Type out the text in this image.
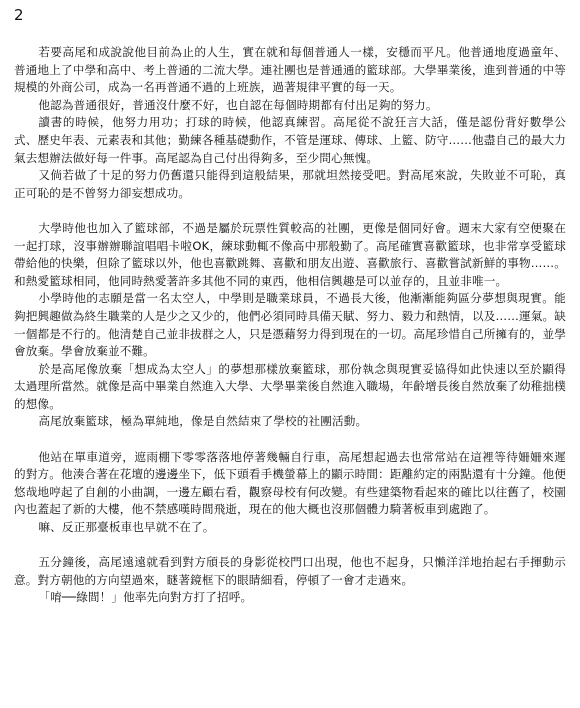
2

若要高尾和成說說他目前為止的人生，實在就和每個普通人一樣，安穩而平凡。他普通地度過童年、普通地上了中學和高中、考上普通的二流大學。連社團也是普通通的籃球部。大學畢業後，進到普通的中等規模的外商公司，成為一名再普通不過的上班族，過著規律平實的每一天。

他認為普通很好，普通沒什麼不好，也自認在每個時期都有付出足夠的努力。

讀書的時候，他努力用功；打球的時候，他認真練習。高尾從不說狂言大話，僅是認份背好數學公式、歷史年表、元素表和其他；勤練各種基礎動作，不管是運球、傳球、上籃、防守……他盡自己的最大力氣去想辦法做好每一件事。高尾認為自己付出得夠多，至少問心無愧。

又倘若做了十足的努力仍舊還只能得到這般結果，那就坦然接受吧。對高尾來說，失敗並不可恥，真正可恥的是不曾努力卻妄想成功。

大學時他也加入了籃球部，不過是屬於玩票性質較高的社團，更像是個同好會。週末大家有空便聚在一起打球，沒事辦辦聯誼唱唱卡啦OK，練球動輒不像高中那般勤了。高尾確實喜歡籃球，也非常享受籃球帶給他的快樂，但除了籃球以外，他也喜歡跳舞、喜歡和朋友出遊、喜歡旅行、喜歡嘗試新鮮的事物……。和熱愛籃球相同，他同時熱愛著許多其他不同的東西，他相信興趣是可以並存的，且並非唯一。

小學時他的志願是當一名太空人，中學則是職業球員，不過長大後，他漸漸能夠區分夢想與現實。能夠把興趣做為終生職業的人是少之又少的，他們必須同時具備天賦、努力、毅力和熱情，以及……運氣。缺一個都是不行的。他清楚自己並非拔群之人，只是憑藉努力得到現在的一切。高尾珍惜自己所擁有的，並學會放棄。學會放棄並不難。

於是高尾像放棄「想成為太空人」的夢想那樣放棄籃球，那份執念與現實妥協得如此快速以至於顯得太過理所當然。就像是高中畢業自然進入大學、大學畢業後自然進入職場，年齡增長後自然放棄了幼稚拙樸的想像。

高尾放棄籃球，極為單純地，像是自然結束了學校的社團活動。

他站在單車道旁，遮雨棚下零零落落地停著幾輛自行車，高尾想起過去也常常站在這裡等待姍姍來遲的對方。他湊合著在花壇的邊邊坐下，低下頭看手機螢幕上的顯示時間：距離約定的兩點還有十分鐘。他便悠哉地哼起了自創的小曲調，一邊左顧右看，觀察母校有何改變。有些建築物看起來的確比以往舊了，校園內也蓋起了新的大樓，他不禁感嘆時間飛逝，現在的他大概也沒那個體力騎著板車到處跑了。

嘛、反正那臺板車也早就不在了。

五分鐘後，高尾遠遠就看到對方頎長的身影從校門口出現，他也不起身，只懶洋洋地抬起右手揮動示意。對方朝他的方向望過來，瞇著鏡框下的眼睛細看，停頓了一會才走過來。

「唷──綠間！」他率先向對方打了招呼。
